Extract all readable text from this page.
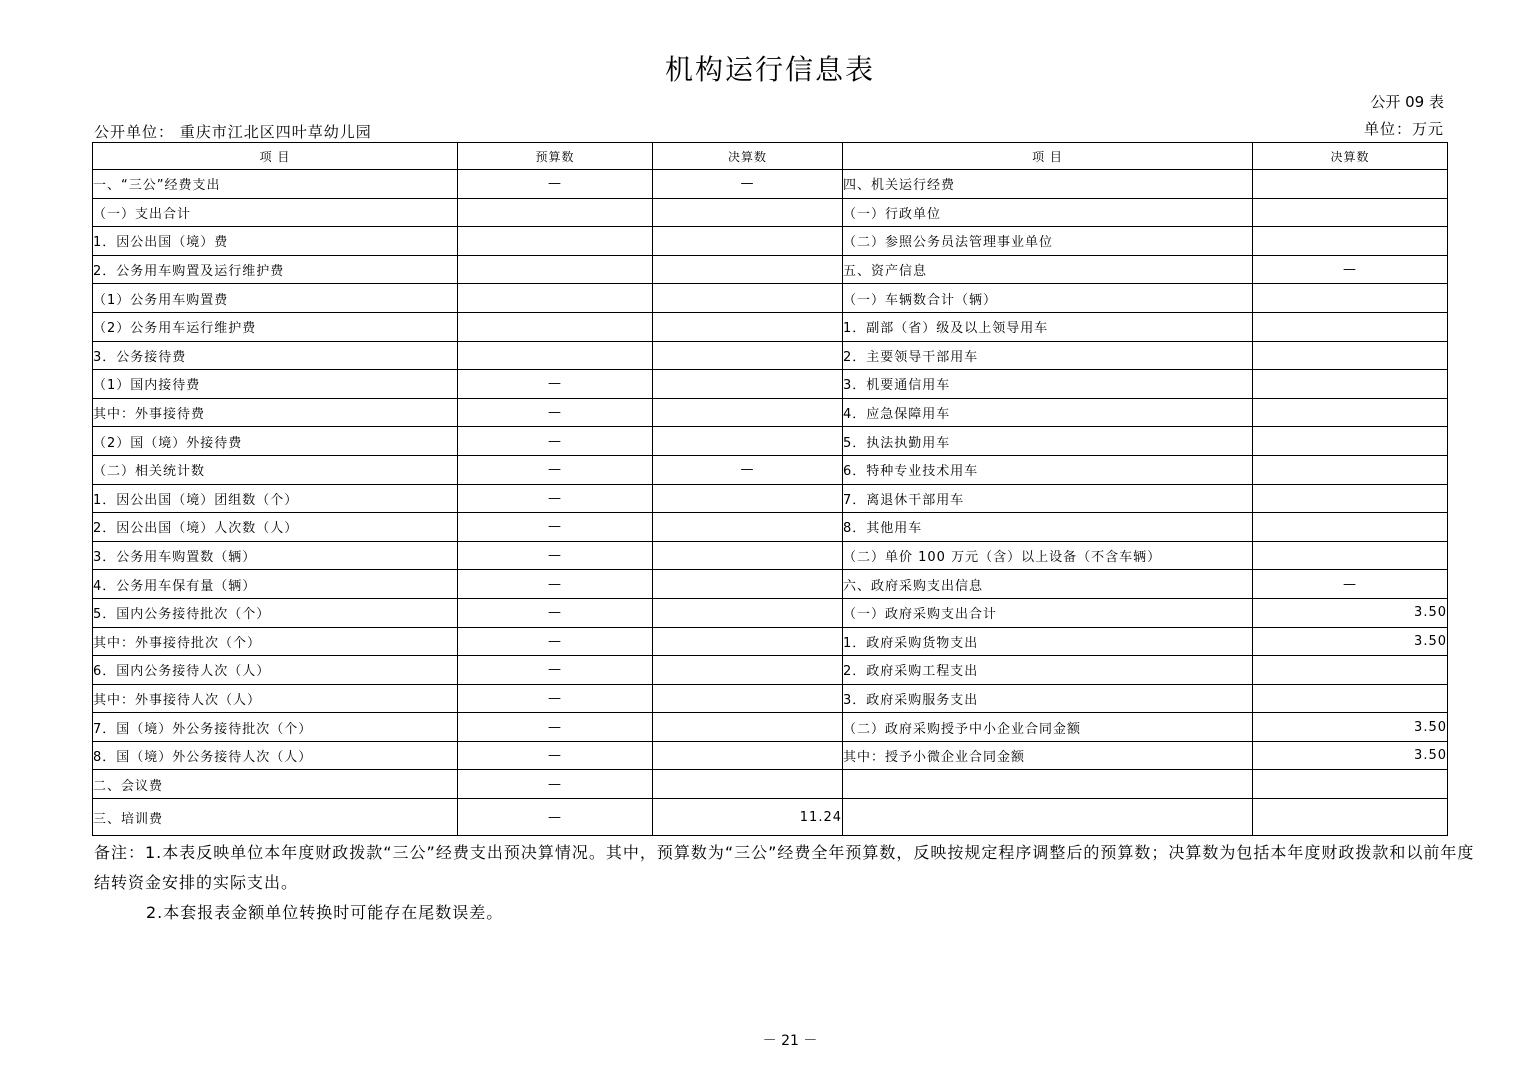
机构运行信息表
公开 09 表
单位：万元
公开单位： 重庆市江北区四叶草幼儿园
项 目	预算数	决算数	项 目	决算数
一、“三公”经费支出	—	—	四、机关运行经费	
（一）支出合计			（一）行政单位	
1．因公出国（境）费			（二）参照公务员法管理事业单位	
2．公务用车购置及运行维护费			五、资产信息	—
（1）公务用车购置费			（一）车辆数合计（辆）	
（2）公务用车运行维护费			1．副部（省）级及以上领导用车	
3．公务接待费			2．主要领导干部用车	
（1）国内接待费	—		3．机要通信用车	
其中：外事接待费	—		4．应急保障用车	
（2）国（境）外接待费	—		5．执法执勤用车	
（二）相关统计数	—	—	6．特种专业技术用车	
1．因公出国（境）团组数（个）	—		7．离退休干部用车	
2．因公出国（境）人次数（人）	—		8．其他用车	
3．公务用车购置数（辆）	—		（二）单价 100 万元（含）以上设备（不含车辆）	
4．公务用车保有量（辆）	—		六、政府采购支出信息	—
5．国内公务接待批次（个）	—		（一）政府采购支出合计	3.50
其中：外事接待批次（个）	—		1．政府采购货物支出	3.50
6．国内公务接待人次（人）	—		2．政府采购工程支出	
其中：外事接待人次（人）	—		3．政府采购服务支出	
7．国（境）外公务接待批次（个）	—		（二）政府采购授予中小企业合同金额	3.50
8．国（境）外公务接待人次（人）	—		其中：授予小微企业合同金额	3.50
二、会议费	—			
三、培训费	—	11.24		
备注：1.本表反映单位本年度财政拨款“三公”经费支出预决算情况。其中，预算数为“三公”经费全年预算数，反映按规定程序调整后的预算数；决算数为包括本年度财政拨款和以前年度结转资金安排的实际支出。
2.本套报表金额单位转换时可能存在尾数误差。
－ 21 －
